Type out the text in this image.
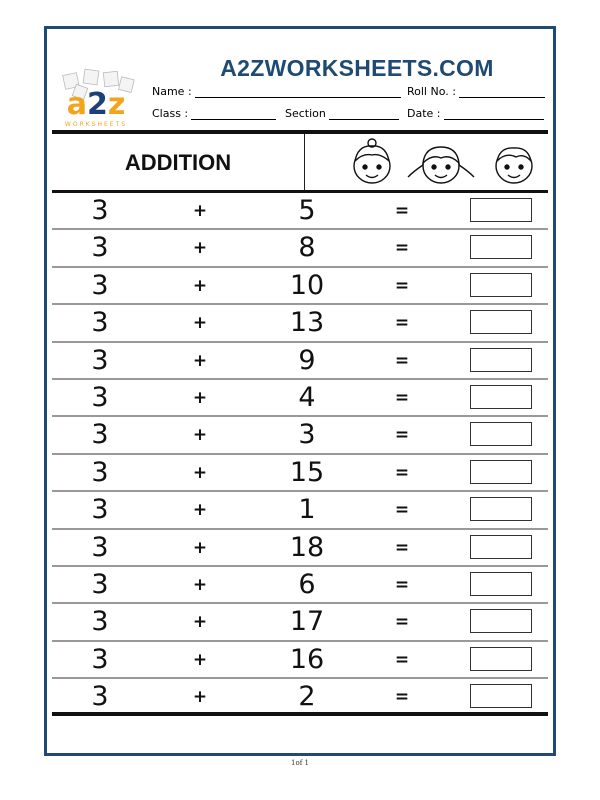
a2z
WORKSHEETS
A2ZWORKSHEETS.COM
Name :	Roll No. :
Class :	Section	Date :
ADDITION
3	+	5	=
3	+	8	=
3	+	10	=
3	+	13	=
3	+	9	=
3	+	4	=
3	+	3	=
3	+	15	=
3	+	1	=
3	+	18	=
3	+	6	=
3	+	17	=
3	+	16	=
3	+	2	=
1of 1
